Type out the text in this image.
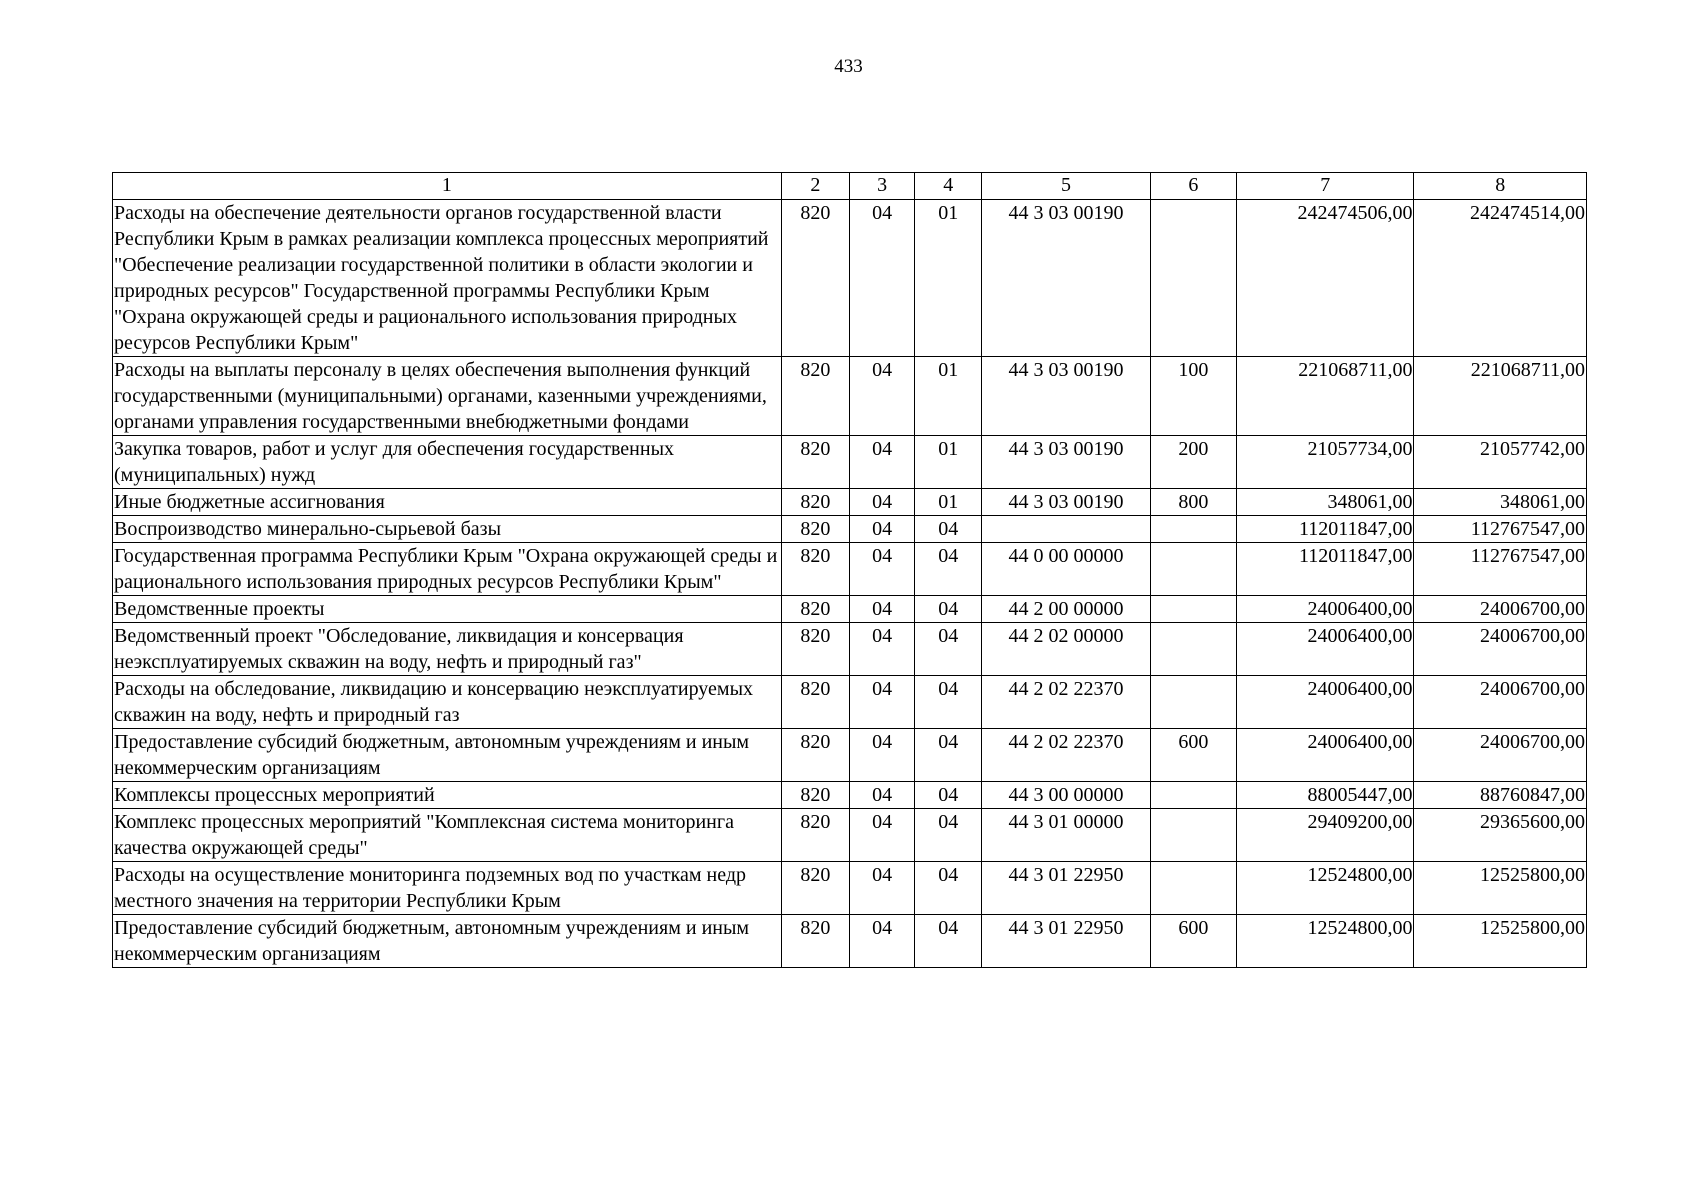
433
1	2	3	4	5	6	7	8
Расходы на обеспечение деятельности органов государственной власти Республики Крым в рамках реализации комплекса процессных мероприятий "Обеспечение реализации государственной политики в области экологии и природных ресурсов" Государственной программы Республики Крым "Охрана окружающей среды и рационального использования природных ресурсов Республики Крым"	820	04	01	44 3 03 00190		242474506,00	242474514,00
Расходы на выплаты персоналу в целях обеспечения выполнения функций государственными (муниципальными) органами, казенными учреждениями, органами управления государственными внебюджетными фондами	820	04	01	44 3 03 00190	100	221068711,00	221068711,00
Закупка товаров, работ и услуг для обеспечения государственных (муниципальных) нужд	820	04	01	44 3 03 00190	200	21057734,00	21057742,00
Иные бюджетные ассигнования	820	04	01	44 3 03 00190	800	348061,00	348061,00
Воспроизводство минерально-сырьевой базы	820	04	04			112011847,00	112767547,00
Государственная программа Республики Крым "Охрана окружающей среды и рационального использования природных ресурсов Республики Крым"	820	04	04	44 0 00 00000		112011847,00	112767547,00
Ведомственные проекты	820	04	04	44 2 00 00000		24006400,00	24006700,00
Ведомственный проект "Обследование, ликвидация и консервация неэксплуатируемых скважин на воду, нефть и природный газ"	820	04	04	44 2 02 00000		24006400,00	24006700,00
Расходы на обследование, ликвидацию и консервацию неэксплуатируемых скважин на воду, нефть и природный газ	820	04	04	44 2 02 22370		24006400,00	24006700,00
Предоставление субсидий бюджетным, автономным учреждениям и иным некоммерческим организациям	820	04	04	44 2 02 22370	600	24006400,00	24006700,00
Комплексы процессных мероприятий	820	04	04	44 3 00 00000		88005447,00	88760847,00
Комплекс процессных мероприятий "Комплексная система мониторинга качества окружающей среды"	820	04	04	44 3 01 00000		29409200,00	29365600,00
Расходы на осуществление мониторинга подземных вод по участкам недр местного значения на территории Республики Крым	820	04	04	44 3 01 22950		12524800,00	12525800,00
Предоставление субсидий бюджетным, автономным учреждениям и иным некоммерческим организациям	820	04	04	44 3 01 22950	600	12524800,00	12525800,00
